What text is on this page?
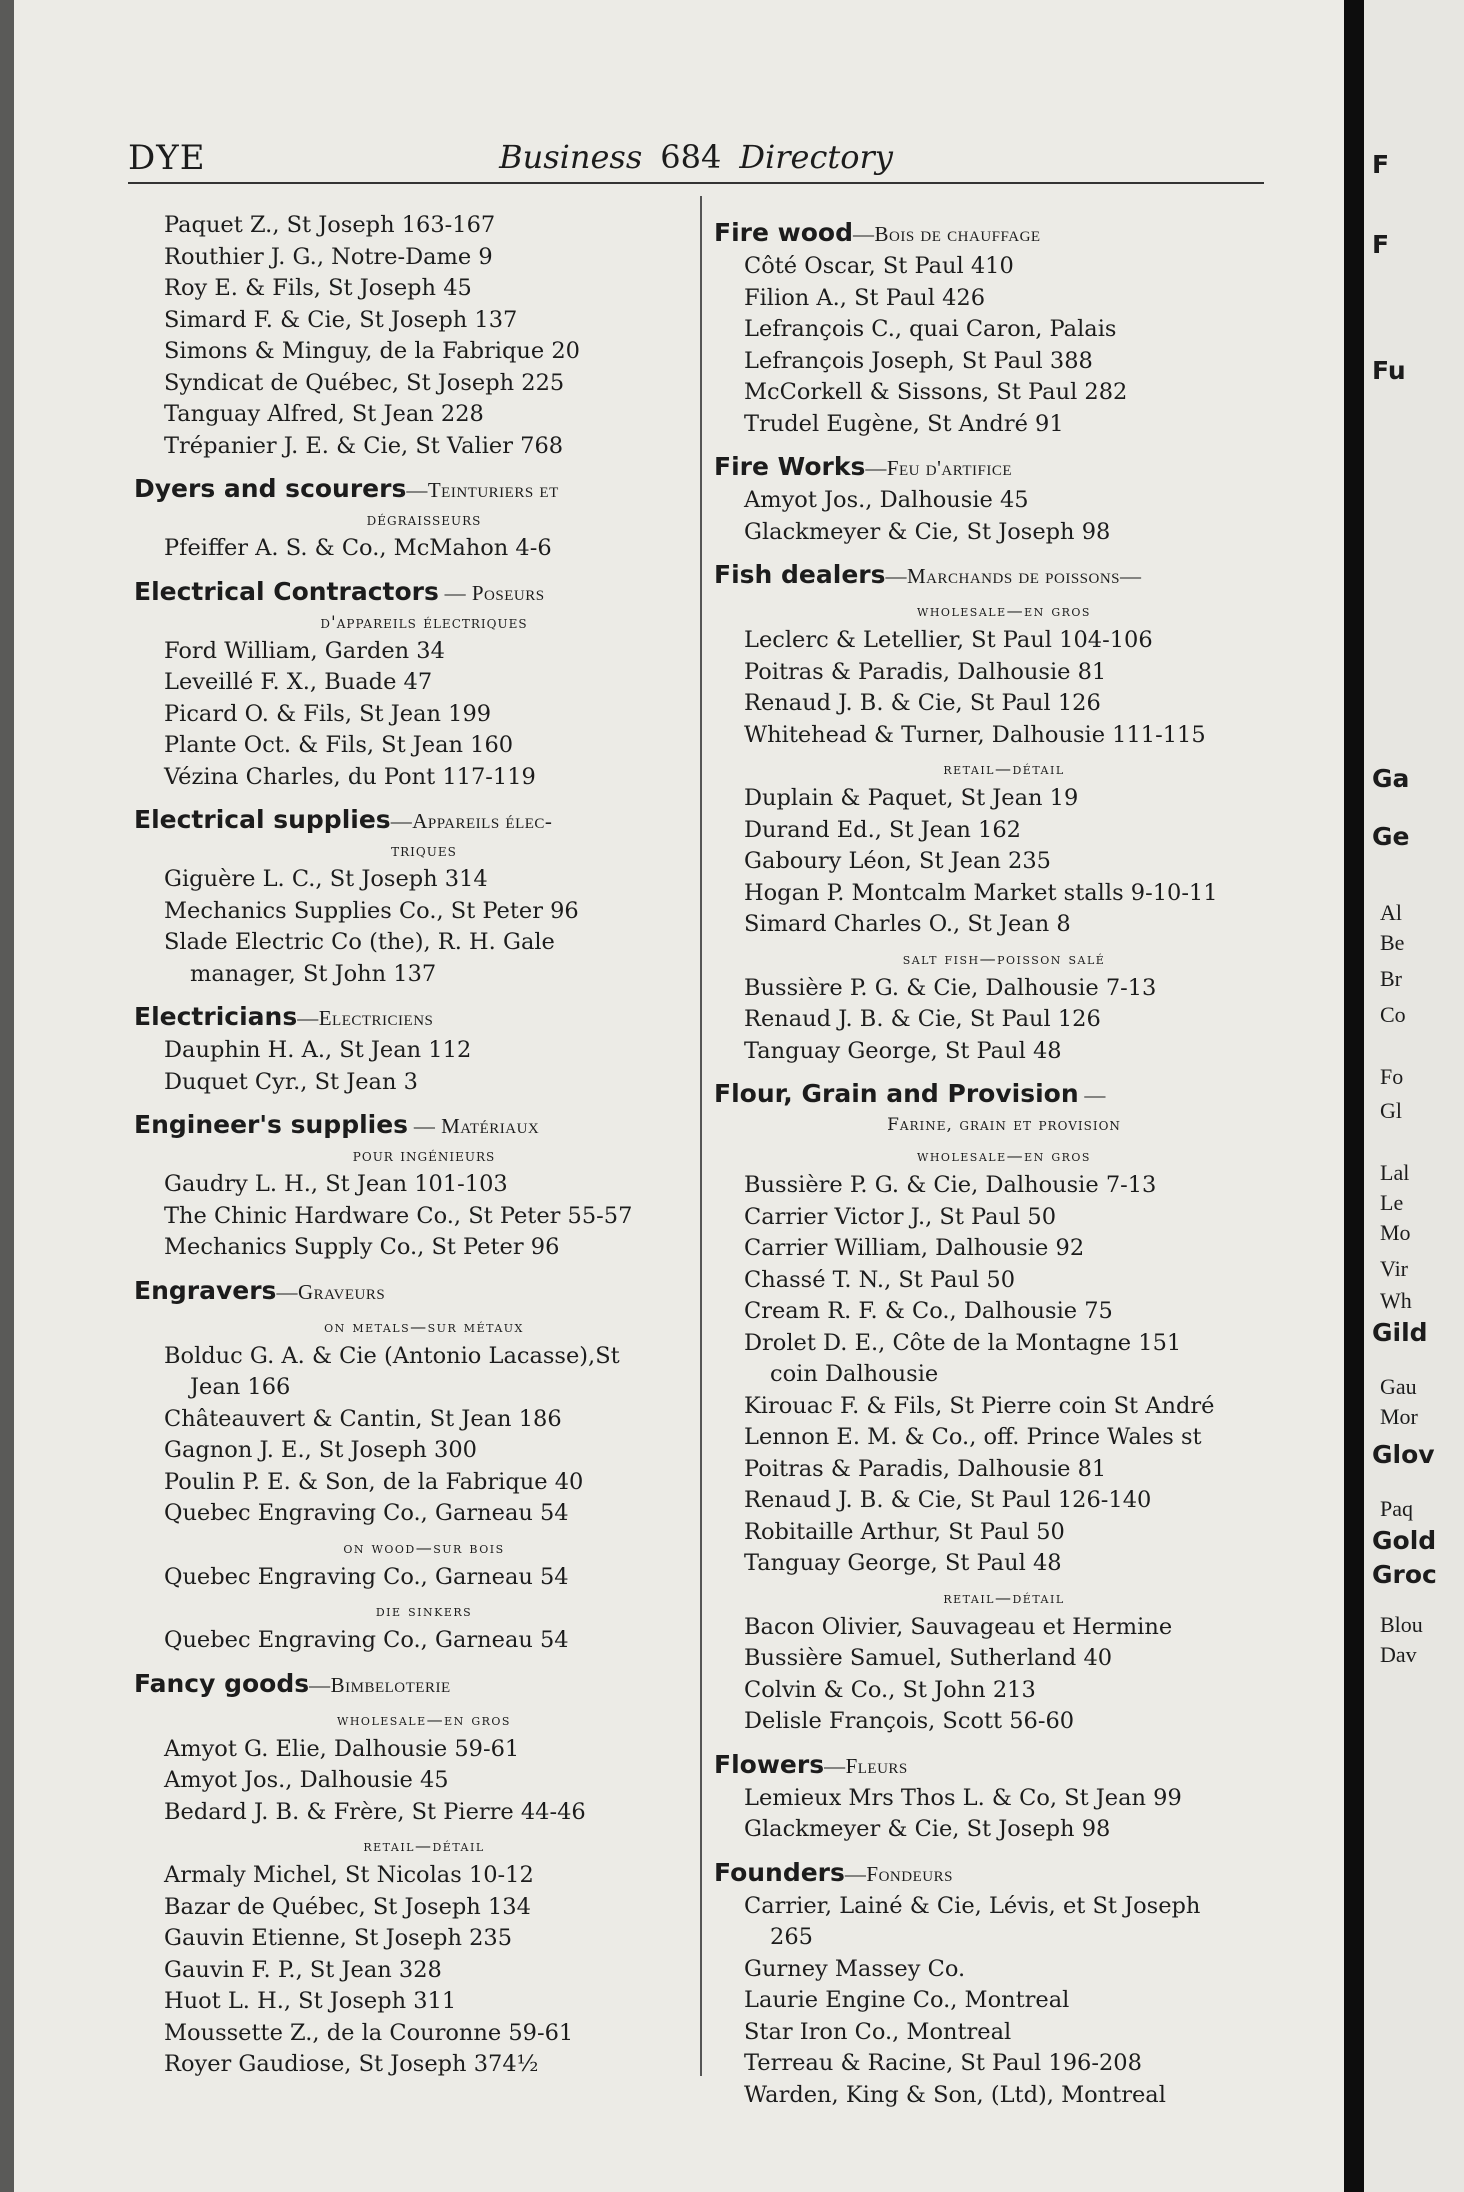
DYE	Business 684 Directory
Paquet Z., St Joseph 163-167
Routhier J. G., Notre-Dame 9
Roy E. & Fils, St Joseph 45
Simard F. & Cie, St Joseph 137
Simons & Minguy, de la Fabrique 20
Syndicat de Québec, St Joseph 225
Tanguay Alfred, St Jean 228
Trépanier J. E. & Cie, St Valier 768
Dyers and scourers—Teinturiers et
dégraisseurs
Pfeiffer A. S. & Co., McMahon 4-6
Electrical Contractors — Poseurs
d'appareils électriques
Ford William, Garden 34
Leveillé F. X., Buade 47
Picard O. & Fils, St Jean 199
Plante Oct. & Fils, St Jean 160
Vézina Charles, du Pont 117-119
Electrical supplies—Appareils élec-
triques
Giguère L. C., St Joseph 314
Mechanics Supplies Co., St Peter 96
Slade Electric Co (the), R. H. Gale
manager, St John 137
Electricians—Electriciens
Dauphin H. A., St Jean 112
Duquet Cyr., St Jean 3
Engineer's supplies — Matériaux
pour ingénieurs
Gaudry L. H., St Jean 101-103
The Chinic Hardware Co., St Peter 55-57
Mechanics Supply Co., St Peter 96
Engravers—Graveurs
on metals—sur métaux
Bolduc G. A. & Cie (Antonio Lacasse),St
Jean 166
Châteauvert & Cantin, St Jean 186
Gagnon J. E., St Joseph 300
Poulin P. E. & Son, de la Fabrique 40
Quebec Engraving Co., Garneau 54
on wood—sur bois
Quebec Engraving Co., Garneau 54
die sinkers
Quebec Engraving Co., Garneau 54
Fancy goods—Bimbeloterie
wholesale—en gros
Amyot G. Elie, Dalhousie 59-61
Amyot Jos., Dalhousie 45
Bedard J. B. & Frère, St Pierre 44-46
retail—détail
Armaly Michel, St Nicolas 10-12
Bazar de Québec, St Joseph 134
Gauvin Etienne, St Joseph 235
Gauvin F. P., St Jean 328
Huot L. H., St Joseph 311
Moussette Z., de la Couronne 59-61
Royer Gaudiose, St Joseph 374½
Fire wood—Bois de chauffage
Côté Oscar, St Paul 410
Filion A., St Paul 426
Lefrançois C., quai Caron, Palais
Lefrançois Joseph, St Paul 388
McCorkell & Sissons, St Paul 282
Trudel Eugène, St André 91
Fire Works—Feu d'artifice
Amyot Jos., Dalhousie 45
Glackmeyer & Cie, St Joseph 98
Fish dealers—Marchands de poissons—
wholesale—en gros
Leclerc & Letellier, St Paul 104-106
Poitras & Paradis, Dalhousie 81
Renaud J. B. & Cie, St Paul 126
Whitehead & Turner, Dalhousie 111-115
retail—détail
Duplain & Paquet, St Jean 19
Durand Ed., St Jean 162
Gaboury Léon, St Jean 235
Hogan P. Montcalm Market stalls 9-10-11
Simard Charles O., St Jean 8
salt fish—poisson salé
Bussière P. G. & Cie, Dalhousie 7-13
Renaud J. B. & Cie, St Paul 126
Tanguay George, St Paul 48
Flour, Grain and Provision —
Farine, grain et provision
wholesale—en gros
Bussière P. G. & Cie, Dalhousie 7-13
Carrier Victor J., St Paul 50
Carrier William, Dalhousie 92
Chassé T. N., St Paul 50
Cream R. F. & Co., Dalhousie 75
Drolet D. E., Côte de la Montagne 151
coin Dalhousie
Kirouac F. & Fils, St Pierre coin St André
Lennon E. M. & Co., off. Prince Wales st
Poitras & Paradis, Dalhousie 81
Renaud J. B. & Cie, St Paul 126-140
Robitaille Arthur, St Paul 50
Tanguay George, St Paul 48
retail—détail
Bacon Olivier, Sauvageau et Hermine
Bussière Samuel, Sutherland 40
Colvin & Co., St John 213
Delisle François, Scott 56-60
Flowers—Fleurs
Lemieux Mrs Thos L. & Co, St Jean 99
Glackmeyer & Cie, St Joseph 98
Founders—Fondeurs
Carrier, Lainé & Cie, Lévis, et St Joseph
265
Gurney Massey Co.
Laurie Engine Co., Montreal
Star Iron Co., Montreal
Terreau & Racine, St Paul 196-208
Warden, King & Son, (Ltd), Montreal
F
F
Fu
Ga
Ge
Al
Be
Br
Co
Fo
Gl
Lal
Le
Mo
Vir
Wh
Gild
Gau
Mor
Glov
Paq
Gold
Groc
Blou
Dav
